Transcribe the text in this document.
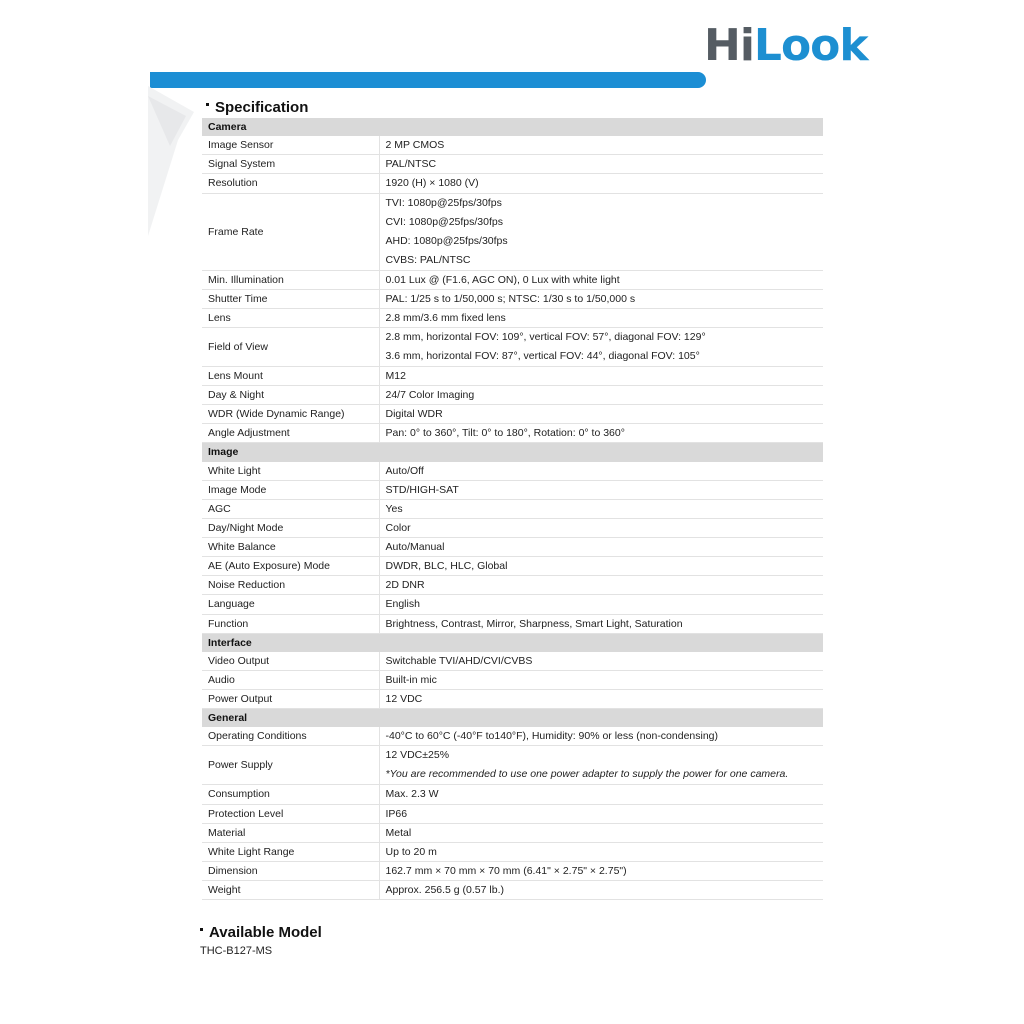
HiLook
Specification
Camera	
Image Sensor	2 MP CMOS
Signal System	PAL/NTSC
Resolution	1920 (H) × 1080 (V)
Frame Rate	TVI: 1080p@25fps/30fps
CVI: 1080p@25fps/30fps
AHD: 1080p@25fps/30fps
CVBS: PAL/NTSC

Min. Illumination	0.01 Lux @ (F1.6, AGC ON), 0 Lux with white light
Shutter Time	PAL: 1/25 s to 1/50,000 s; NTSC: 1/30 s to 1/50,000 s
Lens	2.8 mm/3.6 mm fixed lens
Field of View	2.8 mm, horizontal FOV: 109°, vertical FOV: 57°, diagonal FOV: 129°
3.6 mm, horizontal FOV: 87°, vertical FOV: 44°, diagonal FOV: 105°

Lens Mount	M12
Day & Night	24/7 Color Imaging
WDR (Wide Dynamic Range)	Digital WDR
Angle Adjustment	Pan: 0° to 360°, Tilt: 0° to 180°, Rotation: 0° to 360°
Image	
White Light	Auto/Off
Image Mode	STD/HIGH-SAT
AGC	Yes
Day/Night Mode	Color
White Balance	Auto/Manual
AE (Auto Exposure) Mode	DWDR, BLC, HLC, Global
Noise Reduction	2D DNR
Language	English
Function	Brightness, Contrast, Mirror, Sharpness, Smart Light, Saturation
Interface	
Video Output	Switchable TVI/AHD/CVI/CVBS
Audio	Built-in mic
Power Output	12 VDC
General	
Operating Conditions	-40°C to 60°C (-40°F to140°F), Humidity: 90% or less (non-condensing)
Power Supply	12 VDC±25%
*You are recommended to use one power adapter to supply the power for one camera.

Consumption	Max. 2.3 W
Protection Level	IP66
Material	Metal
White Light Range	Up to 20 m
Dimension	162.7 mm × 70 mm × 70 mm (6.41" × 2.75" × 2.75")
Weight	Approx. 256.5 g (0.57 lb.)
Available Model
THC-B127-MS
